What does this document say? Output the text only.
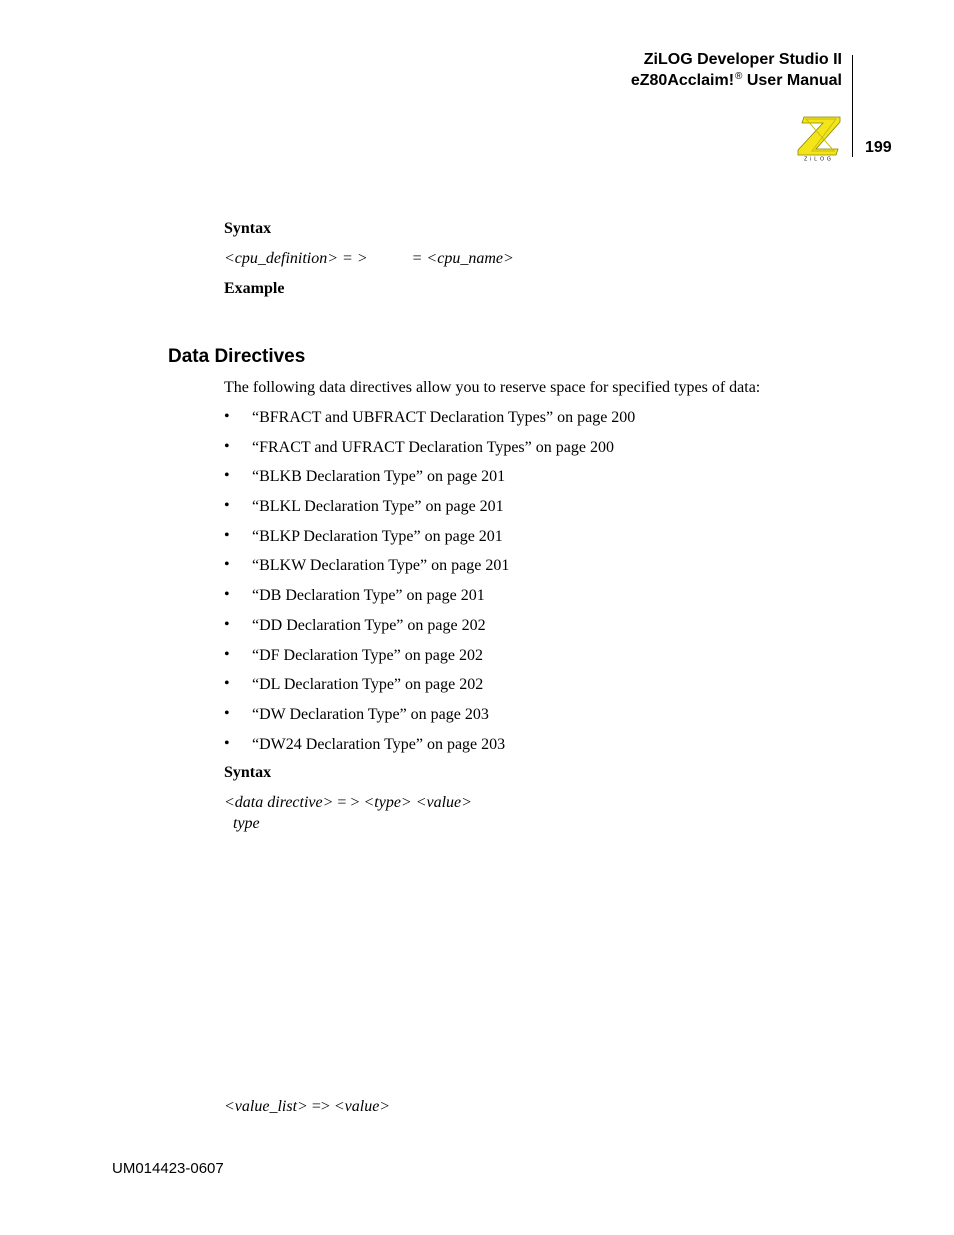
ZiLOG Developer Studio II
eZ80Acclaim!® User Manual
ZiLOG
199
Syntax
<cpu_definition> = >	= <cpu_name>
Example
Data Directives
The following data directives allow you to reserve space for specified types of data:
• “BFRACT and UBFRACT Declaration Types” on page 200
• “FRACT and UFRACT Declaration Types” on page 200
• “BLKB Declaration Type” on page 201
• “BLKL Declaration Type” on page 201
• “BLKP Declaration Type” on page 201
• “BLKW Declaration Type” on page 201
• “DB Declaration Type” on page 201
• “DD Declaration Type” on page 202
• “DF Declaration Type” on page 202
• “DL Declaration Type” on page 202
• “DW Declaration Type” on page 203
• “DW24 Declaration Type” on page 203
Syntax
<data directive> = > <type> <value>
type
<value_list> => <value>
UM014423-0607
